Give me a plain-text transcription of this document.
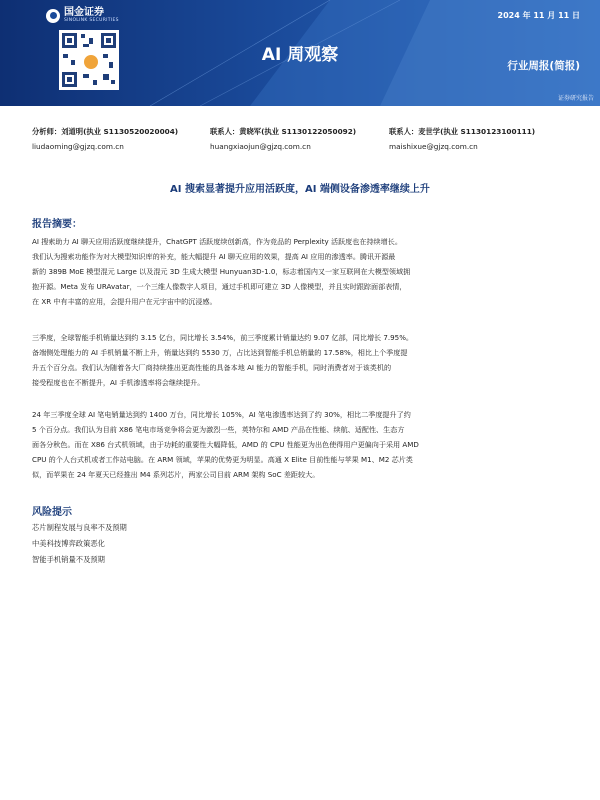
国金证券
SINOLINK SECURITIES
2024 年 11 月 11 日
AI 周观察
行业周报(简报)
证券研究报告
分析师：刘道明(执业 S1130520020004)
liudaoming@gjzq.com.cn
联系人：黄晓军(执业 S1130122050092)
huangxiaojun@gjzq.com.cn
联系人：麦世学(执业 S1130123100111)
maishixue@gjzq.com.cn
AI 搜索显著提升应用活跃度，AI 端侧设备渗透率继续上升
报告摘要：
AI 搜索助力 AI 聊天应用活跃度继续提升，ChatGPT 活跃度续创新高，作为竞品的 Perplexity 活跃度也在持续增长。
我们认为搜索功能作为对大模型知识库的补充，能大幅提升 AI 聊天应用的效果，提高 AI 应用的渗透率。腾讯开源最
新的 389B MoE 模型混元 Large 以及混元 3D 生成大模型 Hunyuan3D-1.0，标志着国内又一家互联网在大模型领域拥
抱开源。Meta 发布 URAvatar，一个三维人像数字人项目，通过手机即可建立 3D 人像模型，并且实时跟踪面部表情，
在 XR 中有丰富的应用，会提升用户在元宇宙中的沉浸感。
三季度，全球智能手机销量达到约 3.15 亿台，同比增长 3.54%，前三季度累计销量达约 9.07 亿部，同比增长 7.95%。
备端侧处理能力的 AI 手机销量不断上升，销量达到约 5530 万，占比达到智能手机总销量的 17.58%，相比上个季度提
升五个百分点。我们认为随着各大厂商持续推出更高性能的具备本地 AI 能力的智能手机，同时消费者对于该类机的
接受程度也在不断提升，AI 手机渗透率将会继续提升。
24 年三季度全球 AI 笔电销量达到约 1400 万台，同比增长 105%，AI 笔电渗透率达到了约 30%，相比二季度提升了约
5 个百分点。我们认为目前 X86 笔电市场竞争将会更为激烈一些，英特尔和 AMD 产品在性能、续航、适配性、生态方
面各分秋色。而在 X86 台式机领域，由于功耗的重要性大幅降低，AMD 的 CPU 性能更为出色使得用户更偏向于采用 AMD
CPU 的个人台式机或者工作站电脑。在 ARM 领域，苹果的优势更为明显。高通 X Elite 目前性能与苹果 M1、M2 芯片类
似，而苹果在 24 年夏天已经推出 M4 系列芯片，两家公司目前 ARM 架构 SoC 差距较大。
风险提示
芯片制程发展与良率不及预期
中美科技博弈政策恶化
智能手机销量不及预期
